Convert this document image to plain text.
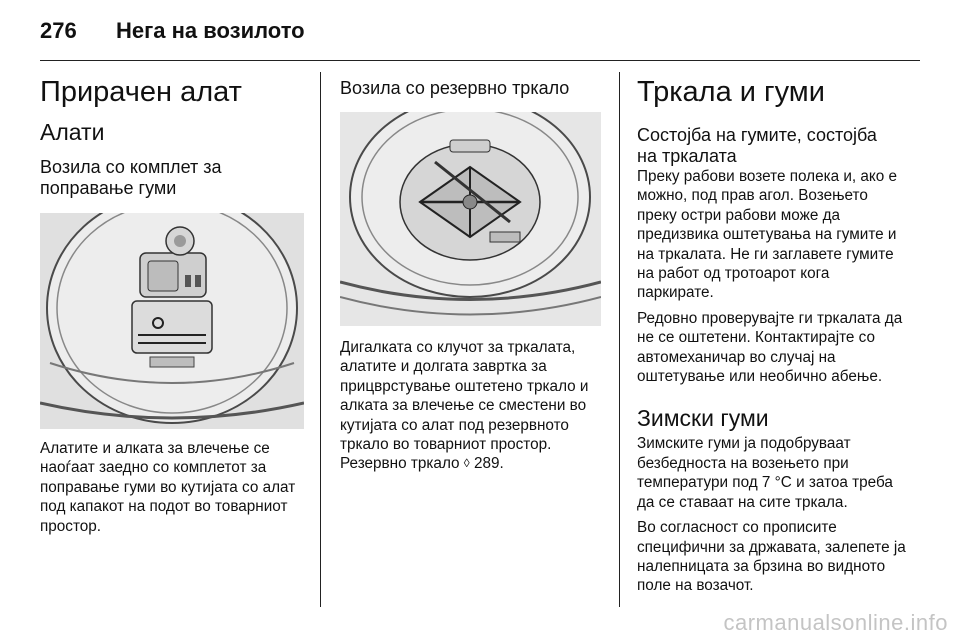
276 Нега на возилото
Прирачен алат
Алати
Возила со комплет за поправање гуми

Алатите и алката за влечење се наоѓаат заедно со комплетот за поправање гуми во кутијата со алат под капакот на подот во товарниот простор.

Возила со резервно тркало

Дигалката со клучот за тркалата, алатите и долгата завртка за прицврстување оштетено тркало и алката за влечење се сместени во кутијата со алат под резервното тркало во товарниот простор.

Резервно тркало ◊ 289.

Тркала и гуми
Состојба на гумите, состојба на тркалата

Преку рабови возете полека и, ако е можно, под прав агол. Возењето преку остри рабови може да предизвика оштетувања на гумите и на тркалата. Не ги заглавете гумите на работ од тротоарот кога паркирате.

Редовно проверувајте ги тркалата да не се оштетени. Контактирајте со автомеханичар во случај на оштетување или необично абење.

Зимски гуми

Зимските гуми ја подобруваат безбедноста на возењето при температури под 7 °C и затоа треба да се ставаат на сите тркала.

Во согласност со прописите специфични за државата, залепете ја налепницата за брзина во видното поле на возачот.

carmanualsonline.info
